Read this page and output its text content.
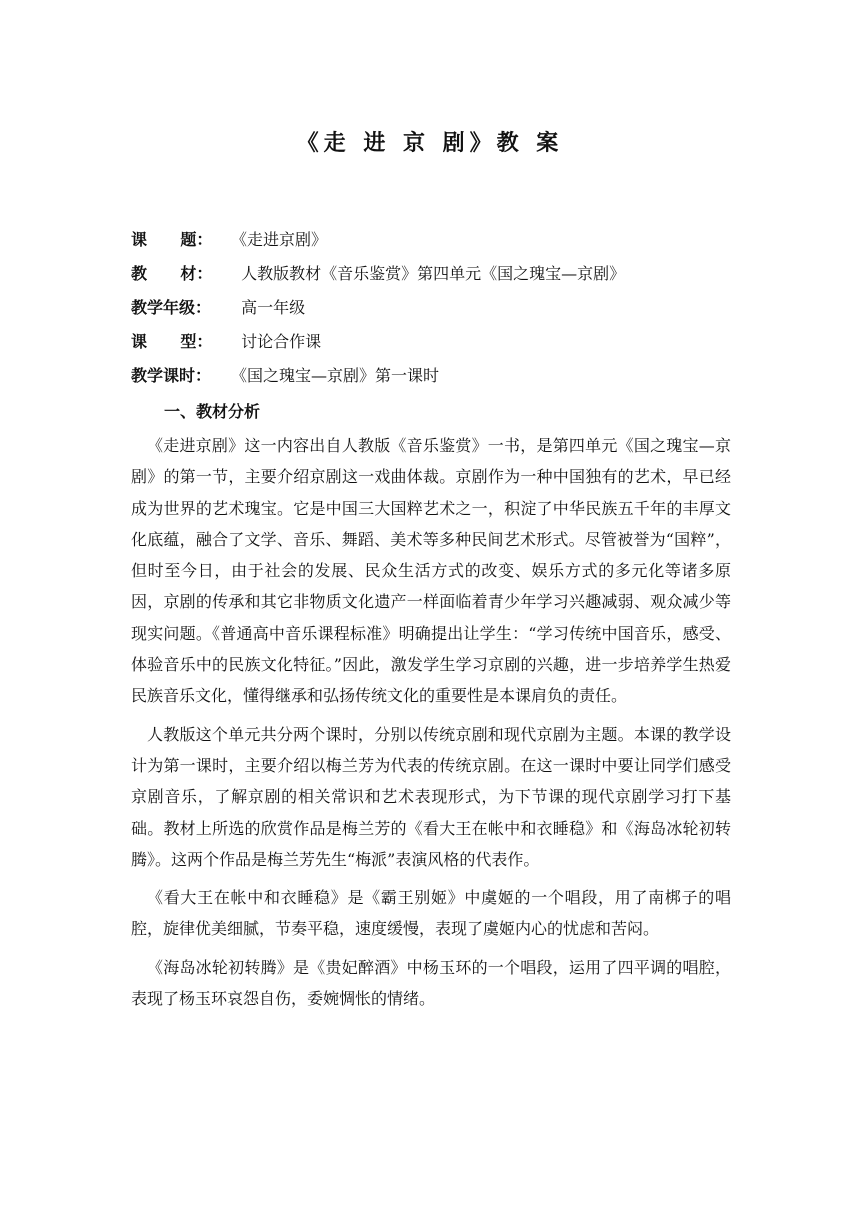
《走 进 京 剧》教 案
课      题：	《走进京剧》
教      材：	人教版教材《音乐鉴赏》第四单元《国之瑰宝—京剧》
教学年级：	高一年级
课      型：	讨论合作课
教学课时：	《国之瑰宝—京剧》第一课时
一、教材分析

《走进京剧》这一内容出自人教版《音乐鉴赏》一书，是第四单元《国之瑰宝—京剧》的第一节，主要介绍京剧这一戏曲体裁。京剧作为一种中国独有的艺术，早已经成为世界的艺术瑰宝。它是中国三大国粹艺术之一，积淀了中华民族五千年的丰厚文化底蕴，融合了文学、音乐、舞蹈、美术等多种民间艺术形式。尽管被誉为“国粹”，但时至今日，由于社会的发展、民众生活方式的改变、娱乐方式的多元化等诸多原因，京剧的传承和其它非物质文化遗产一样面临着青少年学习兴趣减弱、观众减少等现实问题。《普通高中音乐课程标准》明确提出让学生：“学习传统中国音乐，感受、体验音乐中的民族文化特征。”因此，激发学生学习京剧的兴趣，进一步培养学生热爱民族音乐文化，懂得继承和弘扬传统文化的重要性是本课肩负的责任。

人教版这个单元共分两个课时，分别以传统京剧和现代京剧为主题。本课的教学设计为第一课时，主要介绍以梅兰芳为代表的传统京剧。在这一课时中要让同学们感受京剧音乐，了解京剧的相关常识和艺术表现形式，为下节课的现代京剧学习打下基础。教材上所选的欣赏作品是梅兰芳的《看大王在帐中和衣睡稳》和《海岛冰轮初转腾》。这两个作品是梅兰芳先生“梅派”表演风格的代表作。

《看大王在帐中和衣睡稳》是《霸王别姬》中虞姬的一个唱段，用了南梆子的唱腔，旋律优美细腻，节奏平稳，速度缓慢，表现了虞姬内心的忧虑和苦闷。

《海岛冰轮初转腾》是《贵妃醉酒》中杨玉环的一个唱段，运用了四平调的唱腔，表现了杨玉环哀怨自伤，委婉惆怅的情绪。
